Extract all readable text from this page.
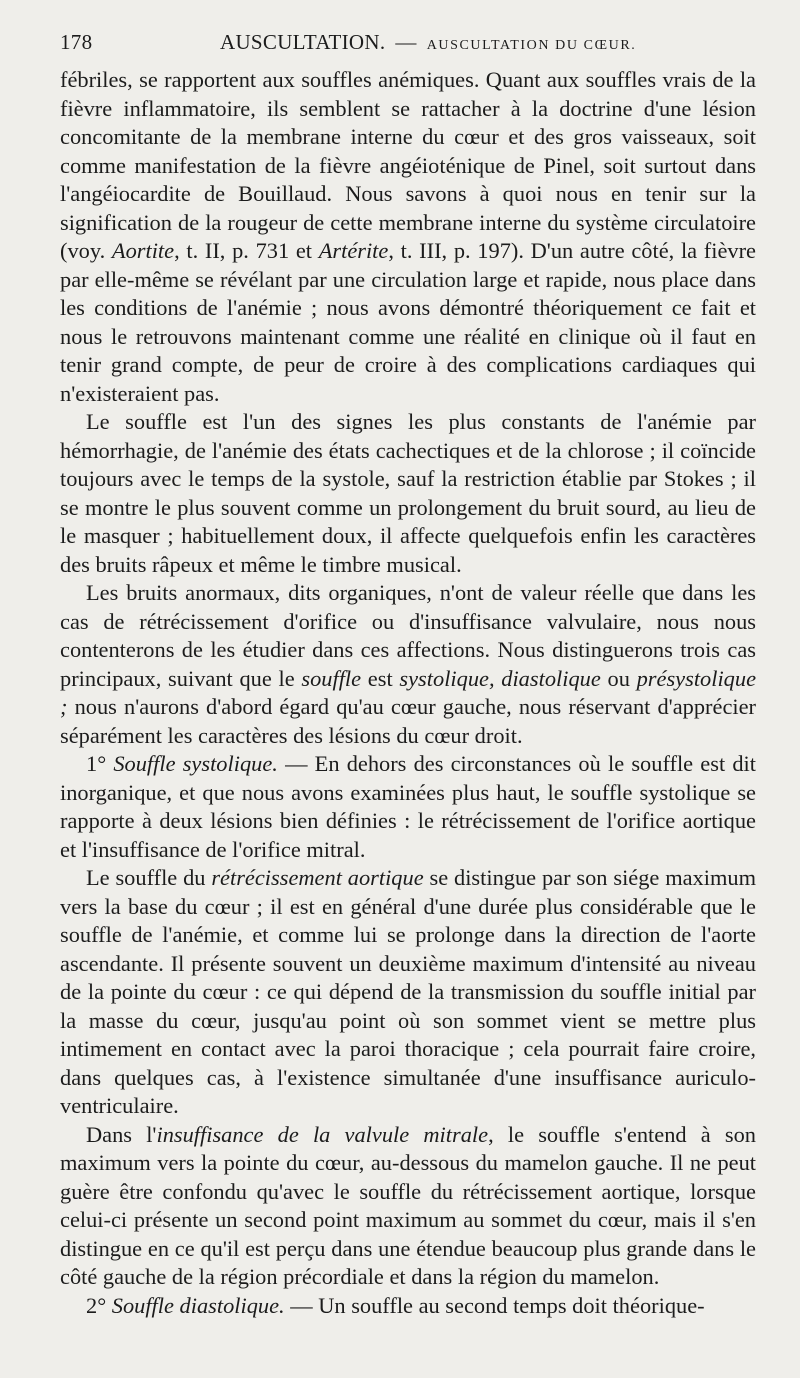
178	AUSCULTATION. — AUSCULTATION DU CŒUR.

fébriles, se rapportent aux souffles anémiques. Quant aux souffles vrais de la fièvre inflammatoire, ils semblent se rattacher à la doctrine d'une lésion concomitante de la membrane interne du cœur et des gros vaisseaux, soit comme manifestation de la fièvre angéioténique de Pinel, soit surtout dans l'angéiocardite de Bouillaud. Nous savons à quoi nous en tenir sur la signification de la rougeur de cette membrane interne du système circulatoire (voy. Aortite, t. II, p. 731 et Artérite, t. III, p. 197). D'un autre côté, la fièvre par elle-même se révélant par une circulation large et rapide, nous place dans les conditions de l'anémie ; nous avons démontré théoriquement ce fait et nous le retrouvons maintenant comme une réalité en clinique où il faut en tenir grand compte, de peur de croire à des complications cardiaques qui n'existeraient pas.

Le souffle est l'un des signes les plus constants de l'anémie par hémorrhagie, de l'anémie des états cachectiques et de la chlorose ; il coïncide toujours avec le temps de la systole, sauf la restriction établie par Stokes ; il se montre le plus souvent comme un prolongement du bruit sourd, au lieu de le masquer ; habituellement doux, il affecte quelquefois enfin les caractères des bruits râpeux et même le timbre musical.

Les bruits anormaux, dits organiques, n'ont de valeur réelle que dans les cas de rétrécissement d'orifice ou d'insuffisance valvulaire, nous nous contenterons de les étudier dans ces affections. Nous distinguerons trois cas principaux, suivant que le souffle est systolique, diastolique ou présystolique ; nous n'aurons d'abord égard qu'au cœur gauche, nous réservant d'apprécier séparément les caractères des lésions du cœur droit.

1° Souffle systolique. — En dehors des circonstances où le souffle est dit inorganique, et que nous avons examinées plus haut, le souffle systolique se rapporte à deux lésions bien définies : le rétrécissement de l'orifice aortique et l'insuffisance de l'orifice mitral.

Le souffle du rétrécissement aortique se distingue par son siége maximum vers la base du cœur ; il est en général d'une durée plus considérable que le souffle de l'anémie, et comme lui se prolonge dans la direction de l'aorte ascendante. Il présente souvent un deuxième maximum d'intensité au niveau de la pointe du cœur : ce qui dépend de la transmission du souffle initial par la masse du cœur, jusqu'au point où son sommet vient se mettre plus intimement en contact avec la paroi thoracique ; cela pourrait faire croire, dans quelques cas, à l'existence simultanée d'une insuffisance auriculo-ventriculaire.

Dans l'insuffisance de la valvule mitrale, le souffle s'entend à son maximum vers la pointe du cœur, au-dessous du mamelon gauche. Il ne peut guère être confondu qu'avec le souffle du rétrécissement aortique, lorsque celui-ci présente un second point maximum au sommet du cœur, mais il s'en distingue en ce qu'il est perçu dans une étendue beaucoup plus grande dans le côté gauche de la région précordiale et dans la région du mamelon.

2° Souffle diastolique. — Un souffle au second temps doit théorique-
